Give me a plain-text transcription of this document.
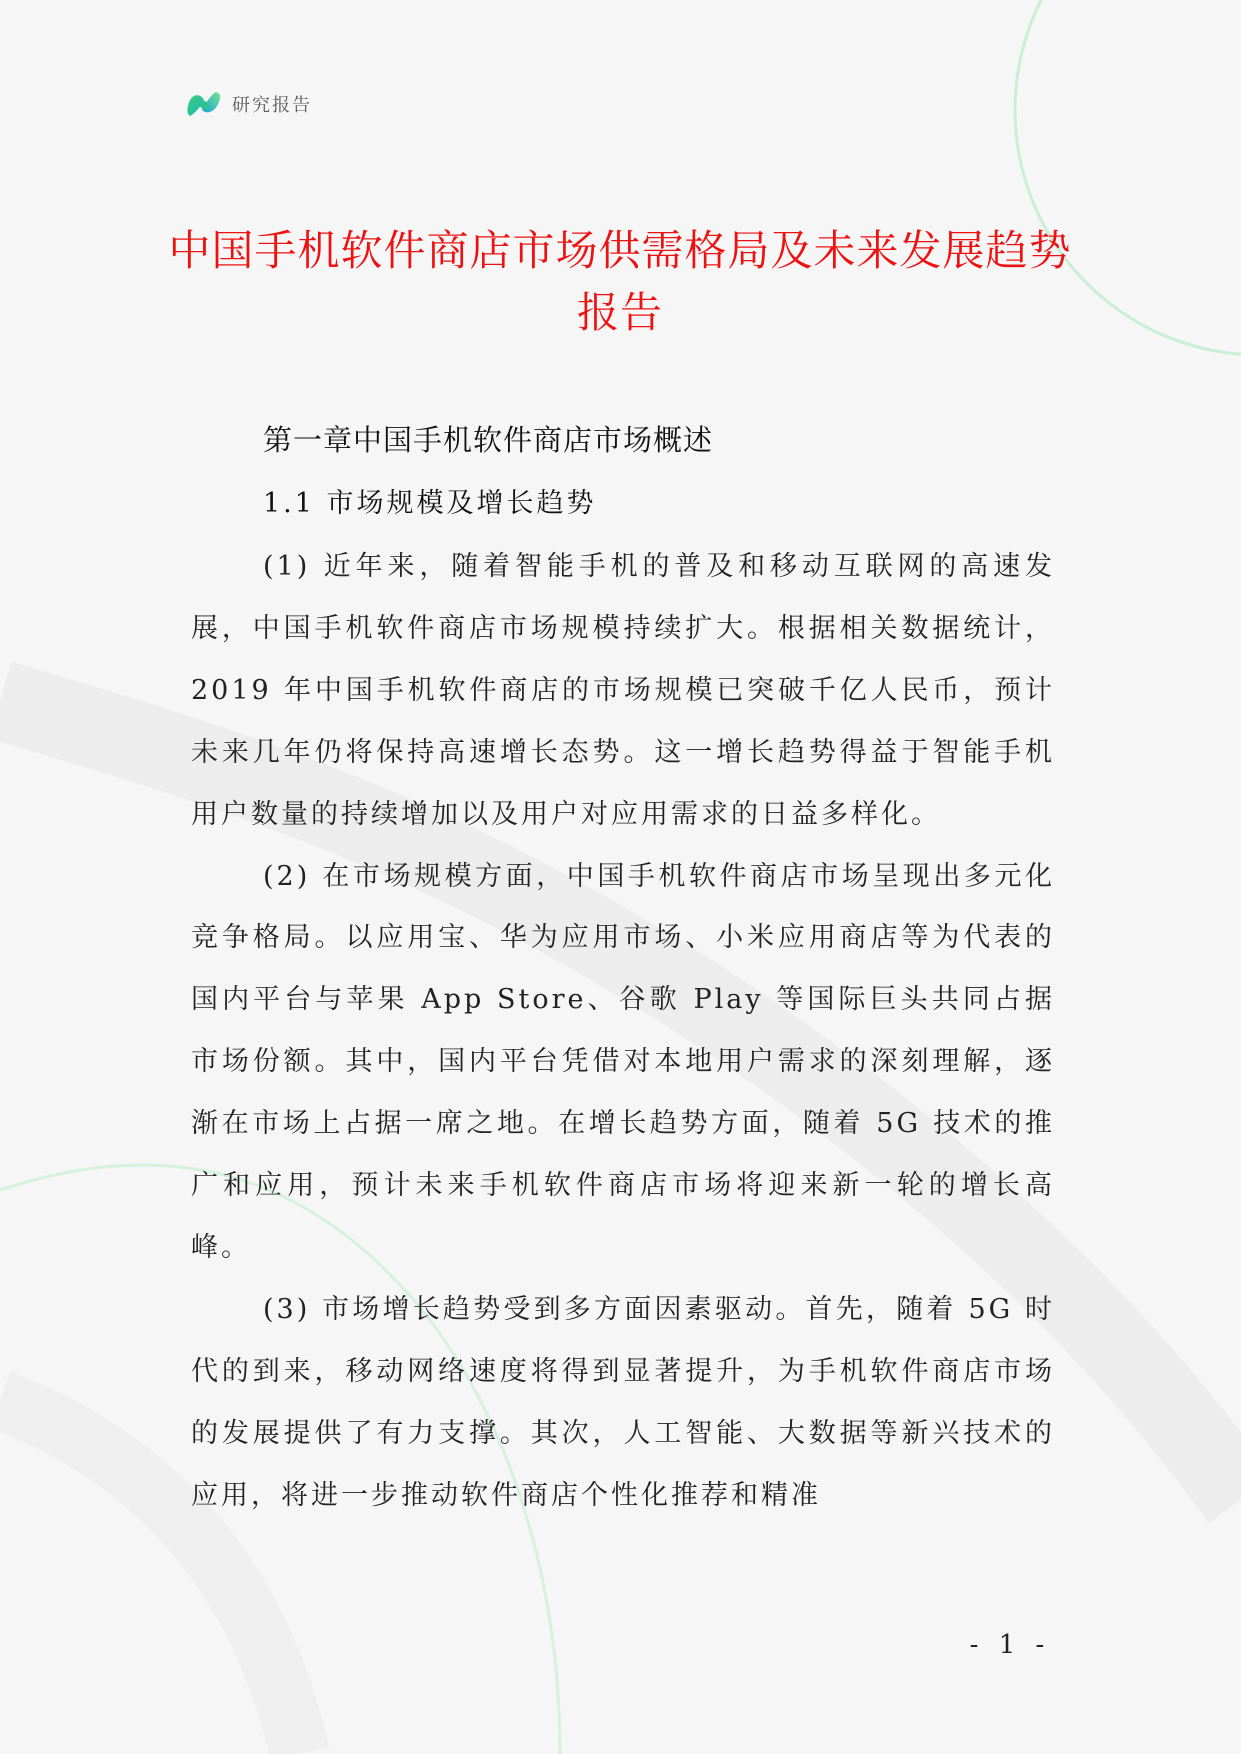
研究报告
中国手机软件商店市场供需格局及未来发展趋势报告
第一章中国手机软件商店市场概述
1.1 市场规模及增长趋势

(1) 近年来，随着智能手机的普及和移动互联网的高速发展，中国手机软件商店市场规模持续扩大。根据相关数据统计，2019 年中国手机软件商店的市场规模已突破千亿人民币，预计未来几年仍将保持高速增长态势。这一增长趋势得益于智能手机用户数量的持续增加以及用户对应用需求的日益多样化。

(2) 在市场规模方面，中国手机软件商店市场呈现出多元化竞争格局。以应用宝、华为应用市场、小米应用商店等为代表的国内平台与苹果 App Store、谷歌 Play 等国际巨头共同占据市场份额。其中，国内平台凭借对本地用户需求的深刻理解，逐渐在市场上占据一席之地。在增长趋势方面，随着 5G 技术的推广和应用，预计未来手机软件商店市场将迎来新一轮的增长高峰。

(3) 市场增长趋势受到多方面因素驱动。首先，随着 5G 时代的到来，移动网络速度将得到显著提升，为手机软件商店市场的发展提供了有力支撑。其次，人工智能、大数据等新兴技术的应用，将进一步推动软件商店个性化推荐和精准

- 1 -
